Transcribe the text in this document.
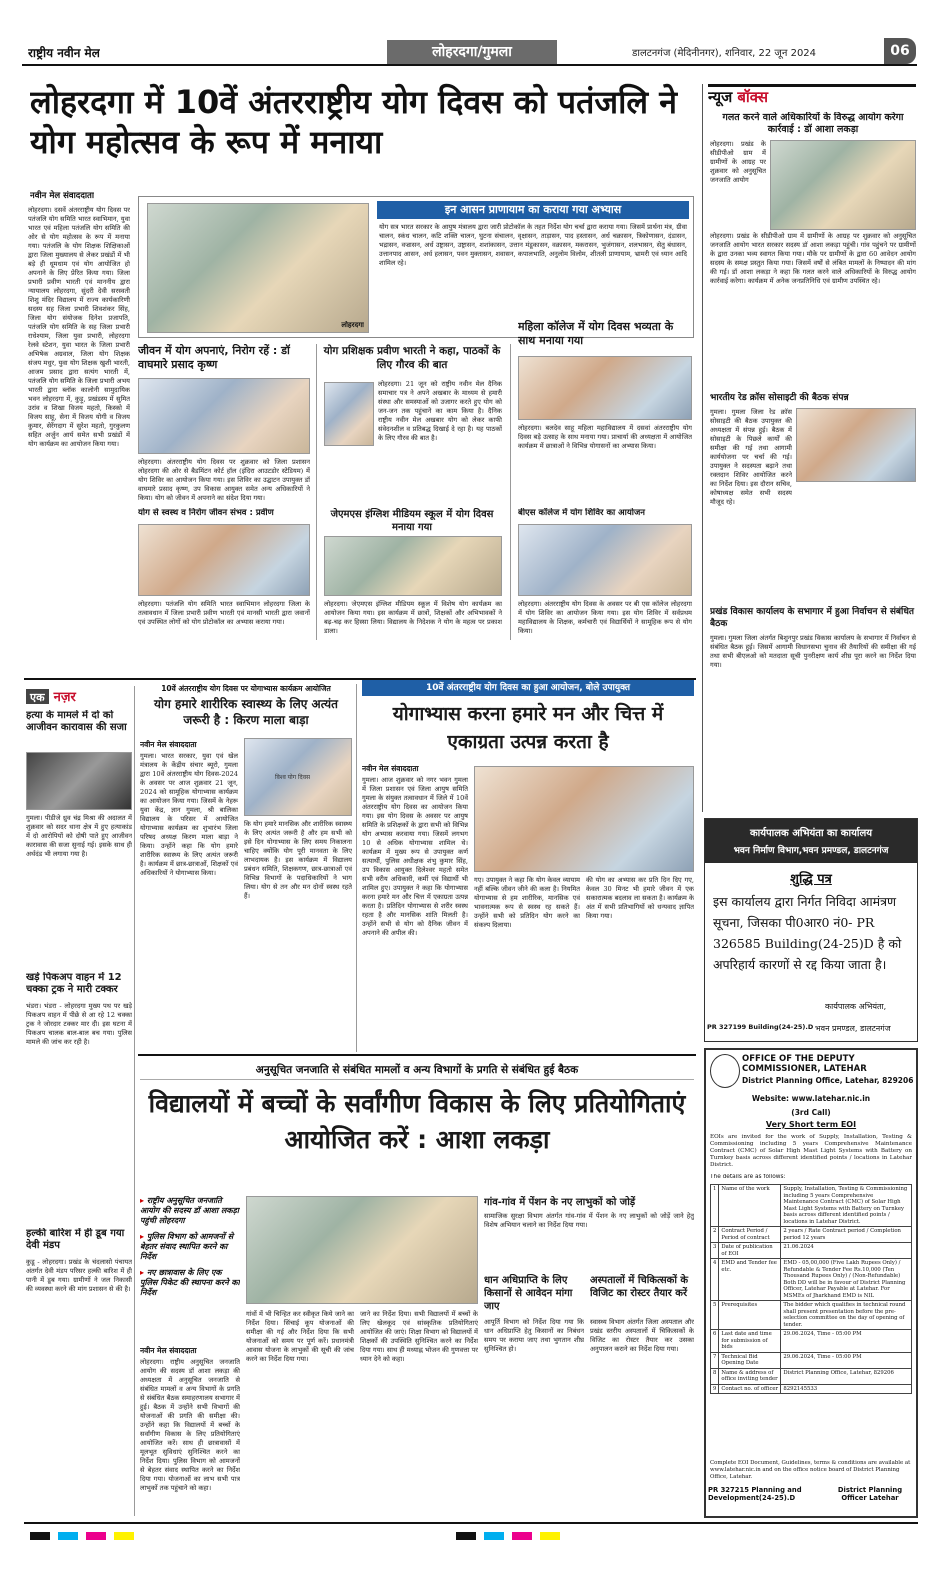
राष्ट्रीय नवीन मेल	लोहरदगा/गुमला	डालटनगंज (मेदिनीनगर), शनिवार, 22 जून 2024	06
लोहरदगा में 10वें अंतरराष्ट्रीय योग दिवस को पतंजलि ने योग महोत्सव के रूप में मनाया
नवीन मेल संवाददाता
लोहरदगा। दसवें अंतरराष्ट्रीय योग दिवस पर पतंजलि योग समिति भारत स्वाभिमान, युवा भारत एवं महिला पतंजलि योग समिति की ओर से योग महोत्सव के रूप में मनाया गया। पतंजलि के योग शिक्षक शिक्षिकाओं द्वारा जिला मुख्यालय से लेकर प्रखंडों में भी बड़े ही धूमधाम एवं योग आयोजित हो अपनाने के लिए प्रेरित किया गया। जिला प्रभारी प्रवीण भारती एवं माननीय द्वारा न्यायालय लोहरदगा, सुंदरी देवी सरस्वती शिशु मंदिर विद्यालय में राज्य कार्यकारिणी सदस्य सह जिला प्रभारी शिवशंकर सिंह, जिला योग संयोजक दिनेश प्रजापति, पतंजलि योग समिति के सह जिला प्रभारी राधेश्याम, जिला युवा प्रभारी, लोहरदगा रेलवे स्टेशन, युवा भारत के जिला प्रभारी अभिषेक अग्रवाल, जिला योग शिक्षक संजय मधुर, युवा योग शिक्षक खुशी भारती, आजम प्रसाद द्वारा सत्यंग भारती में, पतंजलि योग समिति के जिला प्रभारी अभय भारती द्वारा ब्लॉक कालोनी सामुदायिक भवन लोहरदगा में, कुड़ू, प्रखंडस्य में सुमित उरांव व शिखा विजय महतो, किस्को में विजय साहू, सेना में विजय योगी व विजय कुमार, सेरेंगदाग में सुरेश महतो, गुरकुलण सहित अर्जुन आर्य समेत सभी प्रखंडों में योग कार्यक्रम का आयोजन किया गया।
लोहरदगा
इन आसन प्राणायाम का कराया गया अभ्यास
योग सत्र भारत सरकार के आयुष मंत्रालय द्वारा जारी प्रोटोकॉल के तहत निर्देश योग चर्चा द्वारा कराया गया। जिसमें प्रार्थना मंत्र, ग्रीवा चालन, स्कंध चालन, कटि शक्ति चालन, घुटना संचालन, वृक्षासन, ताड़ासन, पाद हस्तासन, अर्ध चक्रासन, त्रिकोणासन, दंडासन, भद्रासन, वज्रासन, अर्ध उष्ट्रासन, उष्ट्रासन, शशांकासन, उत्तान मंडूकासन, वक्रासन, मकरासन, भुजंगासन, शलभासन, सेतु बंधासन, उत्तानपाद आसन, अर्ध हलासन, पवन मुक्तासन, शवासन, कपालभाति, अनुलोम विलोम, शीतली प्राणायाम, भ्रामरी एवं ध्यान आदि शामिल रहे।
जीवन में योग अपनाएं, निरोग रहें : डॉ वाघमारे प्रसाद कृष्ण
लोहरदगा। अंतरराष्ट्रीय योग दिवस पर शुक्रवार को जिला प्रशासन लोहरदगा की ओर से बैडमिंटन कोर्ट हॉल (इंदिरा आउटडोर स्टेडियम) में योग शिविर का आयोजन किया गया। इस शिविर का उद्घाटन उपायुक्त डॉ वाघमारे प्रसाद कृष्ण, उप विकास आयुक्त समेत अन्य अधिकारियों ने किया। योग को जीवन में अपनाने का संदेश दिया गया।
योग से स्वस्थ व निरोग जीवन संभव : प्रवीण
लोहरदगा। पतंजलि योग समिति भारत स्वाभिमान लोहरदगा जिला के तत्वावधान में जिला प्रभारी प्रवीण भारती एवं मानसी भारती द्वारा जवानों एवं उपस्थित लोगों को योग प्रोटोकॉल का अभ्यास कराया गया।
योग प्रशिक्षक प्रवीण भारती ने कहा, पाठकों के लिए गौरव की बात
लोहरदगा। 21 जून को राष्ट्रीय नवीन मेल दैनिक समाचार पत्र ने अपने अखबार के माध्यम से हमारी संस्था और समस्याओं को उजागर करते हुए योग को जन-जन तक पहुंचाने का काम किया है। दैनिक राष्ट्रीय नवीन मेल अखबार योग को लेकर काफी संवेदनशील व प्रतिबद्ध दिखाई दे रहा है। यह पाठकों के लिए गौरव की बात है।
जेएमएस इंग्लिश मीडियम स्कूल में योग दिवस मनाया गया
लोहरदगा। जेएमएस इंग्लिश मीडियम स्कूल में विशेष योग कार्यक्रम का आयोजन किया गया। इस कार्यक्रम में छात्रों, शिक्षकों और अभिभावकों ने बढ़-चढ़ कर हिस्सा लिया। विद्यालय के निदेशक ने योग के महत्व पर प्रकाश डाला।
महिला कॉलेज में योग दिवस भव्यता के साथ मनाया गया
लोहरदगा। बलदेव साहू महिला महाविद्यालय में दसवां अंतरराष्ट्रीय योग दिवस बड़े उत्साह के साथ मनाया गया। प्राचार्या की अध्यक्षता में आयोजित कार्यक्रम में छात्राओं ने विभिन्न योगासनों का अभ्यास किया।
बीएस कॉलेज में योग शिविर का आयोजन
लोहरदगा। अंतरराष्ट्रीय योग दिवस के अवसर पर बी एस कॉलेज लोहरदगा में योग शिविर का आयोजन किया गया। इस योग शिविर में सर्वप्रथम महाविद्यालय के शिक्षक, कर्मचारी एवं विद्यार्थियों ने सामूहिक रूप से योग किया।
न्यूज बॉक्स
गलत करने वाले अधिकारियों के विरुद्ध आयोग करेगा कार्रवाई : डॉ आशा लकड़ा
लोहरदगा। प्रखंड के सीडीपीओ ग्राम में ग्रामीणों के आग्रह पर शुक्रवार को अनुसूचित जनजाति आयोग
लोहरदगा। प्रखंड के सीडीपीओ ग्राम में ग्रामीणों के आग्रह पर शुक्रवार को अनुसूचित जनजाति आयोग भारत सरकार सदस्य डॉ आशा लकड़ा पहुंची। गांव पहुंचने पर ग्रामीणों के द्वारा उनका भव्य स्वागत किया गया। मौके पर ग्रामीणों के द्वारा 60 आवेदन आयोग सदस्य के समक्ष प्रस्तुत किया गया। जिसमें वर्षों से लंबित मामलों के निष्पादन की मांग की गई। डॉ आशा लकड़ा ने कहा कि गलत करने वाले अधिकारियों के विरुद्ध आयोग कार्रवाई करेगा। कार्यक्रम में अनेक जनप्रतिनिधि एवं ग्रामीण उपस्थित रहे।
भारतीय रेड क्रॉस सोसाइटी की बैठक संपन्न
गुमला। गुमला जिला रेड क्रॉस सोसाइटी की बैठक उपायुक्त की अध्यक्षता में संपन्न हुई। बैठक में सोसाइटी के पिछले कार्यों की समीक्षा की गई तथा आगामी कार्ययोजना पर चर्चा की गई। उपायुक्त ने सदस्यता बढ़ाने तथा रक्तदान शिविर आयोजित करने का निर्देश दिया। इस दौरान सचिव, कोषाध्यक्ष समेत सभी सदस्य मौजूद रहे।
प्रखंड विकास कार्यालय के सभागार में हुआ निर्वाचन से संबंधित बैठक
गुमला। गुमला जिला अंतर्गत बिशुनपुर प्रखंड विकास कार्यालय के सभागार में निर्वाचन से संबंधित बैठक हुई। जिसमें आगामी विधानसभा चुनाव की तैयारियों की समीक्षा की गई तथा सभी बीएलओ को मतदाता सूची पुनरीक्षण कार्य शीघ्र पूरा करने का निर्देश दिया गया।
एक नज़र
हत्या के मामले में दो को आजीवन कारावास की सजा
गुमला। पीडीजे ध्रुव चंद्र मिश्रा की अदालत में शुक्रवार को सदर थाना क्षेत्र में हुए हत्याकांड में दो आरोपियों को दोषी पाते हुए आजीवन कारावास की सजा सुनाई गई। इसके साथ ही अर्थदंड भी लगाया गया है।
खड़े पिकअप वाहन में 12 चक्का ट्रक ने मारी टक्कर
भंडरा। भंडरा - लोहरदगा मुख्य पथ पर खड़े पिकअप वाहन में पीछे से आ रहे 12 चक्का ट्रक ने जोरदार टक्कर मार दी। इस घटना में पिकअप चालक बाल-बाल बच गया। पुलिस मामले की जांच कर रही है।
हल्की बारिश में ही डूब गया देवी मंडप
कुडू - लोहरदगा। प्रखंड के चंदलासो पंचायत अंतर्गत देवी मंडप परिसर हल्की बारिश में ही पानी में डूब गया। ग्रामीणों ने जल निकासी की व्यवस्था करने की मांग प्रशासन से की है।
10वें अंतरराष्ट्रीय योग दिवस पर योगाभ्यास कार्यक्रम आयोजित
योग हमारे शारीरिक स्वास्थ्य के लिए अत्यंत जरूरी है : किरण माला बाड़ा
नवीन मेल संवाददाता
गुमला। भारत सरकार, युवा एवं खेल मंत्रालय के केंद्रीय संचार ब्यूरो, गुमला द्वारा 10वें अंतरराष्ट्रीय योग दिवस-2024 के अवसर पर आज शुक्रवार 21 जून, 2024 को सामूहिक योगाभ्यास कार्यक्रम का आयोजन किया गया। जिसमें के नेहरू युवा केंद्र, ज्ञान गुमला, श्री बालिका विद्यालय के परिसर में आयोजित योगाभ्यास कार्यक्रम का शुभारंभ जिला परिषद अध्यक्ष किरण माला बाड़ा ने किया। उन्होंने कहा कि योग हमारे शारीरिक स्वास्थ्य के लिए अत्यंत जरूरी है। कार्यक्रम में छात्र-छात्राओं, शिक्षकों एवं अधिकारियों ने योगाभ्यास किया।
विश्व योग दिवस
कि योग हमारे मानसिक और शारीरिक स्वास्थ्य के लिए अत्यंत जरूरी है और हम सभी को इसे दिन योगाभ्यास के लिए समय निकालना चाहिए क्योंकि योग पूरी मानवता के लिए लाभदायक है। इस कार्यक्रम में विद्यालय प्रबंधन समिति, शिक्षकगण, छात्र-छात्राओं एवं विभिन्न विभागों के पदाधिकारियों ने भाग लिया। योग से तन और मन दोनों स्वस्थ रहते हैं।
10वें अंतरराष्ट्रीय योग दिवस का हुआ आयोजन, बोले उपायुक्त
योगाभ्यास करना हमारे मन और चित्त में एकाग्रता उत्पन्न करता है
नवीन मेल संवाददाता
गुमला। आज शुक्रवार को नगर भवन गुमला में जिला प्रशासन एवं जिला आयुष समिति गुमला के संयुक्त तत्वावधान में जिले में 10वें अंतरराष्ट्रीय योग दिवस का आयोजन किया गया। इस योग दिवस के अवसर पर आयुष समिति के प्रशिक्षकों के द्वारा सभी को विभिन्न योग अभ्यास करवाया गया। जिसमें लगभग 10 से अधिक योगाभ्यास शामिल थे। कार्यक्रम में मुख्य रूप से उपायुक्त कर्ण सत्यार्थी, पुलिस अधीक्षक शंभु कुमार सिंह, उप विकास आयुक्त दिलेश्वर महतो समेत सभी वरीय अधिकारी, कर्मी एवं विद्यार्थी भी शामिल हुए। उपायुक्त ने कहा कि योगाभ्यास करना हमारे मन और चित्त में एकाग्रता उत्पन्न करता है। प्रतिदिन योगाभ्यास से शरीर स्वस्थ रहता है और मानसिक शांति मिलती है। उन्होंने सभी से योग को दैनिक जीवन में अपनाने की अपील की।
गए। उपायुक्त ने कहा कि योग केवल व्यायाम नहीं बल्कि जीवन जीने की कला है। नियमित योगाभ्यास से हम शारीरिक, मानसिक एवं भावनात्मक रूप से स्वस्थ रह सकते हैं। उन्होंने सभी को प्रतिदिन योग करने का संकल्प दिलाया।
की योग का अभ्यास कर प्रति दिन दिए गए, केवल 30 मिनट भी हमारे जीवन में एक सकारात्मक बदलाव ला सकता है। कार्यक्रम के अंत में सभी प्रतिभागियों को धन्यवाद ज्ञापित किया गया।
अनुसूचित जनजाति से संबंधित मामलों व अन्य विभागों के प्रगति से संबंधित हुई बैठक
विद्यालयों में बच्चों के सर्वांगीण विकास के लिए प्रतियोगिताएं आयोजित करें : आशा लकड़ा
▸ राष्ट्रीय अनुसूचित जनजाति आयोग की सदस्य डॉ आशा लकड़ा पहुंची लोहरदगा
▸ पुलिस विभाग को आमजनों से बेहतर संवाद स्थापित करने का निर्देश
▸ नए छात्रावास के लिए एक पुलिस पिकेट की स्थापना करने का निर्देश
नवीन मेल संवाददाता
लोहरदगा। राष्ट्रीय अनुसूचित जनजाति आयोग की सदस्य डॉ आशा लकड़ा की अध्यक्षता में अनुसूचित जनजाति से संबंधित मामलों व अन्य विभागों के प्रगति से संबंधित बैठक समाहरणालय सभागार में हुई। बैठक में उन्होंने सभी विभागों की योजनाओं की प्रगति की समीक्षा की। उन्होंने कहा कि विद्यालयों में बच्चों के सर्वांगीण विकास के लिए प्रतियोगिताएं आयोजित करें। साथ ही छात्रावासों में मूलभूत सुविधाएं सुनिश्चित करने का निर्देश दिया। पुलिस विभाग को आमजनों से बेहतर संवाद स्थापित करने का निर्देश दिया गया। योजनाओं का लाभ सभी पात्र लाभुकों तक पहुंचाने को कहा।
गांवों में भी चिन्हित कर स्वीकृत किये जाने का निर्देश दिया। सिंचाई कूप योजनाओं की समीक्षा की गई और निर्देश दिया कि सभी योजनाओं को समय पर पूर्ण करें। प्रधानमंत्री आवास योजना के लाभुकों की सूची की जांच करने का निर्देश दिया गया।
जाने का निर्देश दिया। सभी विद्यालयों में बच्चों के लिए खेलकूद एवं सांस्कृतिक प्रतियोगिताएं आयोजित की जाएं। शिक्षा विभाग को विद्यालयों में शिक्षकों की उपस्थिति सुनिश्चित करने का निर्देश दिया गया। साथ ही मध्याह्न भोजन की गुणवत्ता पर ध्यान देने को कहा।
गांव-गांव में पेंशन के नए लाभुकों को जोड़ें
सामाजिक सुरक्षा विभाग अंतर्गत गांव-गांव में पेंशन के नए लाभुकों को जोड़ें जाने हेतु विशेष अभियान चलाने का निर्देश दिया गया।
धान अधिप्राप्ति के लिए किसानों से आवेदन मांगा जाए
आपूर्ति विभाग को निर्देश दिया गया कि धान अधिप्राप्ति हेतु किसानों का निबंधन समय पर कराया जाए तथा भुगतान शीघ्र सुनिश्चित हो।
अस्पतालों में चिकित्सकों के विजिट का रोस्टर तैयार करें
स्वास्थ्य विभाग अंतर्गत जिला अस्पताल और प्रखंड स्तरीय अस्पतालों में चिकित्सकों के विजिट का रोस्टर तैयार कर उसका अनुपालन कराने का निर्देश दिया गया।
कार्यपालक अभियंता का कार्यालय
भवन निर्माण विभाग,भवन प्रमण्डल, डालटनगंज
शुद्धि पत्र
इस कार्यालय द्वारा निर्गत निविदा आमंत्रण सूचना, जिसका पी0आर0 नं0- PR 326585 Building(24-25)D है को अपरिहार्य कारणों से रद्द किया जाता है।
कार्यपालक अभियंता,
भवन प्रमण्डल, डालटनगंज
PR 327199 Building(24-25).D
OFFICE OF THE DEPUTY COMMISSIONER, LATEHAR
District Planning Office, Latehar, 829206
Website: www.latehar.nic.in
(3rd Call)
Very Short term EOI
EOIs are invited for the work of Supply, Installation, Testing & Commissioning including 5 years Comprehensive Maintenance Contract (CMC) of Solar High Mast Light Systems with Battery on Turnkey basis across different identified points / locations in Latehar District.
The details are as follows:
1	Name of the work	Supply, Installation, Testing & Commissioning including 5 years Comprehensive Maintenance Contract (CMC) of Solar High Mast Light Systems with Battery on Turnkey basis across different identified points / locations in Latehar District.
2	Contract Period / Period of contract	2 years / Rate Contract period / Completion period 12 years
3	Date of publication of EOI	21.06.2024
4	EMD and Tender fee etc.	EMD - 05,00,000 (Five Lakh Rupees Only) / Refundable & Tender Fee Rs.10,000 (Ten Thousand Rupees Only) / (Non-Refundable) Both DD will be in favour of District Planning Officer, Latehar Payable at Latehar. For MSMEs of Jharkhand EMD is NIL
5	Prerequisites	The bidder which qualifies in technical round shall present presentation before the pre-selection committee on the day of opening of tender.
6	Last date and time for submission of bids	29.06.2024, Time - 05:00 PM
7	Technical Bid Opening Date	29.06.2024, Time - 05:00 PM
8	Name & address of office inviting tender	District Planning Office, Latehar, 829206
9	Contact no. of officer	8292145533
Complete EOI Document, Guidelines, terms & conditions are available at www.latehar.nic.in and on the office notice board of District Planning Office, Latehar.
PR 327215 Planning and Development(24-25).D
District Planning Officer Latehar
